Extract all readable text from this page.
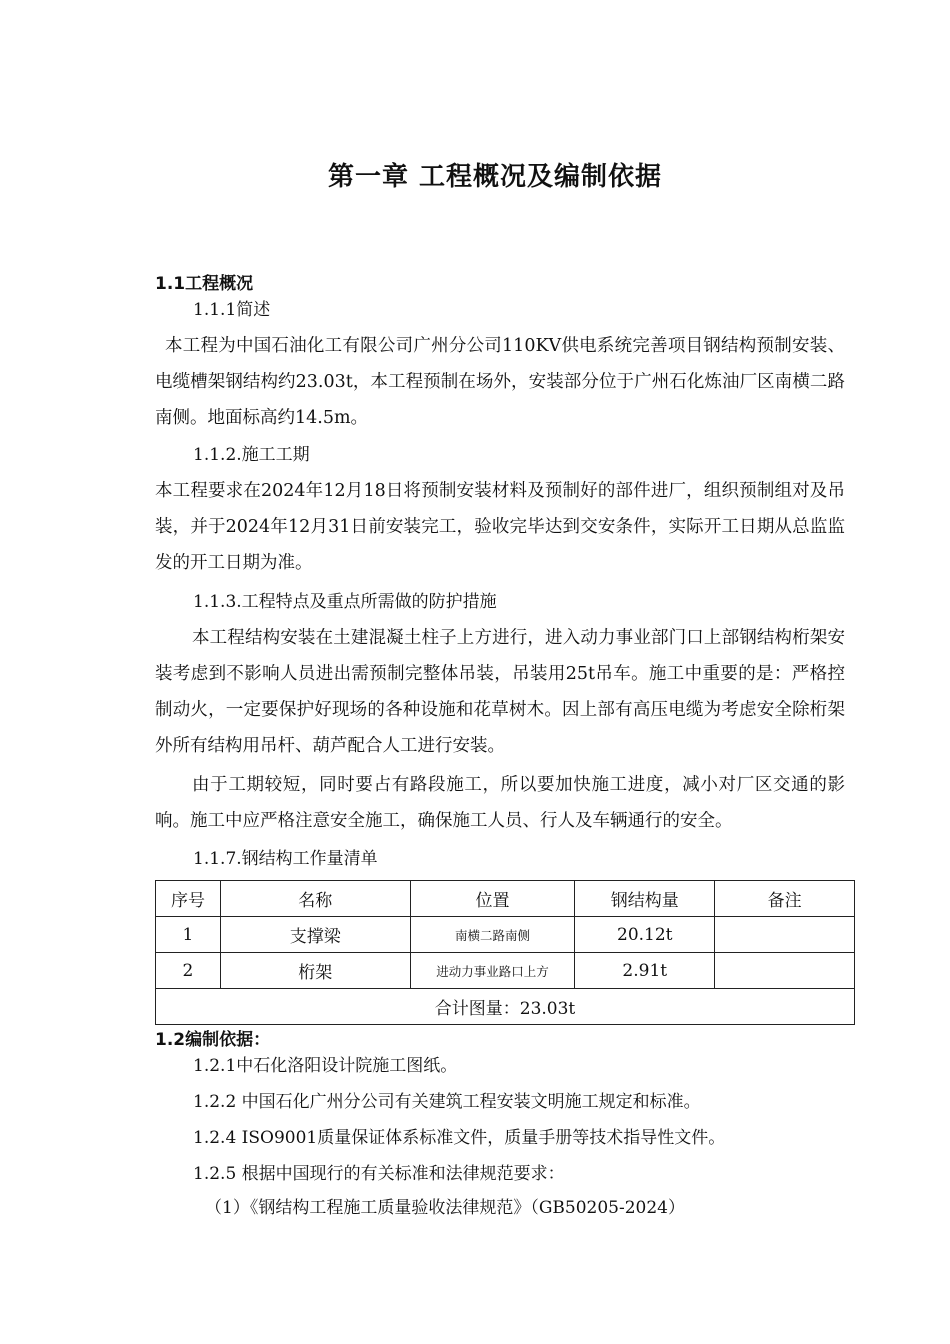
第一章 工程概况及编制依据
1.1工程概况
1.1.1简述

本工程为中国石油化工有限公司广州分公司110KV供电系统完善项目钢结构预制安装、电缆槽架钢结构约23.03t，本工程预制在场外，安装部分位于广州石化炼油厂区南横二路南侧。地面标高约14.5m。

1.1.2.施工工期

本工程要求在2024年12月18日将预制安装材料及预制好的部件进厂，组织预制组对及吊装，并于2024年12月31日前安装完工，验收完毕达到交安条件，实际开工日期从总监监发的开工日期为准。

1.1.3.工程特点及重点所需做的防护措施

本工程结构安装在土建混凝土柱子上方进行，进入动力事业部门口上部钢结构桁架安装考虑到不影响人员进出需预制完整体吊装，吊装用25t吊车。施工中重要的是：严格控制动火，一定要保护好现场的各种设施和花草树木。因上部有高压电缆为考虑安全除桁架外所有结构用吊杆、葫芦配合人工进行安装。

由于工期较短，同时要占有路段施工，所以要加快施工进度，减小对厂区交通的影响。施工中应严格注意安全施工，确保施工人员、行人及车辆通行的安全。

1.1.7.钢结构工作量清单
序号	名称	位置	钢结构量	备注
1	支撑梁	南横二路南侧	20.12t	
2	桁架	进动力事业路口上方	2.91t	
合计图量：23.03t				
1.2编制依据：
1.2.1中石化洛阳设计院施工图纸。
1.2.2 中国石化广州分公司有关建筑工程安装文明施工规定和标准。
1.2.4 ISO9001质量保证体系标准文件，质量手册等技术指导性文件。
1.2.5 根据中国现行的有关标准和法律规范要求：
（1）《钢结构工程施工质量验收法律规范》（GB50205-2024）
